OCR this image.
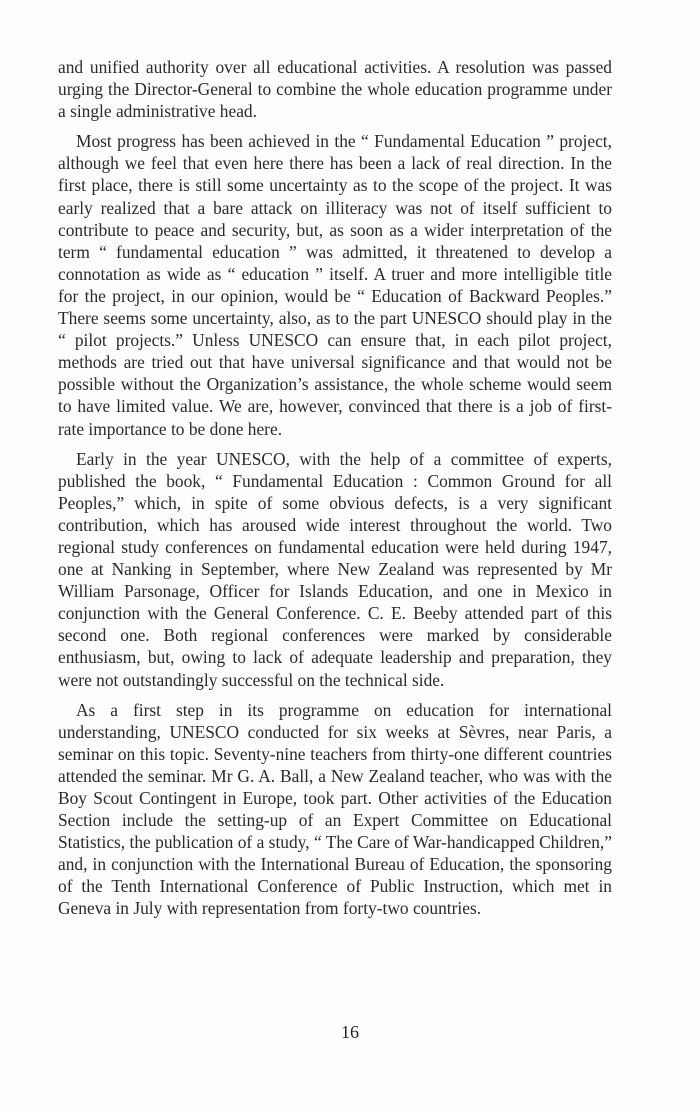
and unified authority over all educational activities. A resolution was passed urging the Director-General to combine the whole education programme under a single administrative head.

Most progress has been achieved in the “ Fundamental Education ” project, although we feel that even here there has been a lack of real direction. In the first place, there is still some uncertainty as to the scope of the project. It was early realized that a bare attack on illiteracy was not of itself sufficient to contribute to peace and security, but, as soon as a wider interpretation of the term “ fundamental education ” was admitted, it threatened to develop a connotation as wide as “ education ” itself. A truer and more intelligible title for the project, in our opinion, would be “ Education of Backward Peoples.” There seems some uncertainty, also, as to the part UNESCO should play in the “ pilot projects.” Unless UNESCO can ensure that, in each pilot project, methods are tried out that have universal significance and that would not be possible without the Organization’s assistance, the whole scheme would seem to have limited value. We are, however, convinced that there is a job of first-rate importance to be done here.

Early in the year UNESCO, with the help of a committee of experts, published the book, “ Fundamental Education : Common Ground for all Peoples,” which, in spite of some obvious defects, is a very significant contribution, which has aroused wide interest throughout the world. Two regional study conferences on fundamental education were held during 1947, one at Nanking in September, where New Zealand was represented by Mr William Parsonage, Officer for Islands Education, and one in Mexico in conjunction with the General Conference. C. E. Beeby attended part of this second one. Both regional conferences were marked by considerable enthusiasm, but, owing to lack of adequate leadership and preparation, they were not outstandingly successful on the technical side.

As a first step in its programme on education for international understanding, UNESCO conducted for six weeks at Sèvres, near Paris, a seminar on this topic. Seventy-nine teachers from thirty-one different countries attended the seminar. Mr G. A. Ball, a New Zealand teacher, who was with the Boy Scout Contingent in Europe, took part. Other activities of the Education Section include the setting-up of an Expert Committee on Educational Statistics, the publication of a study, “ The Care of War-handicapped Children,” and, in conjunction with the International Bureau of Education, the sponsoring of the Tenth International Conference of Public Instruction, which met in Geneva in July with representation from forty-two countries.

16
